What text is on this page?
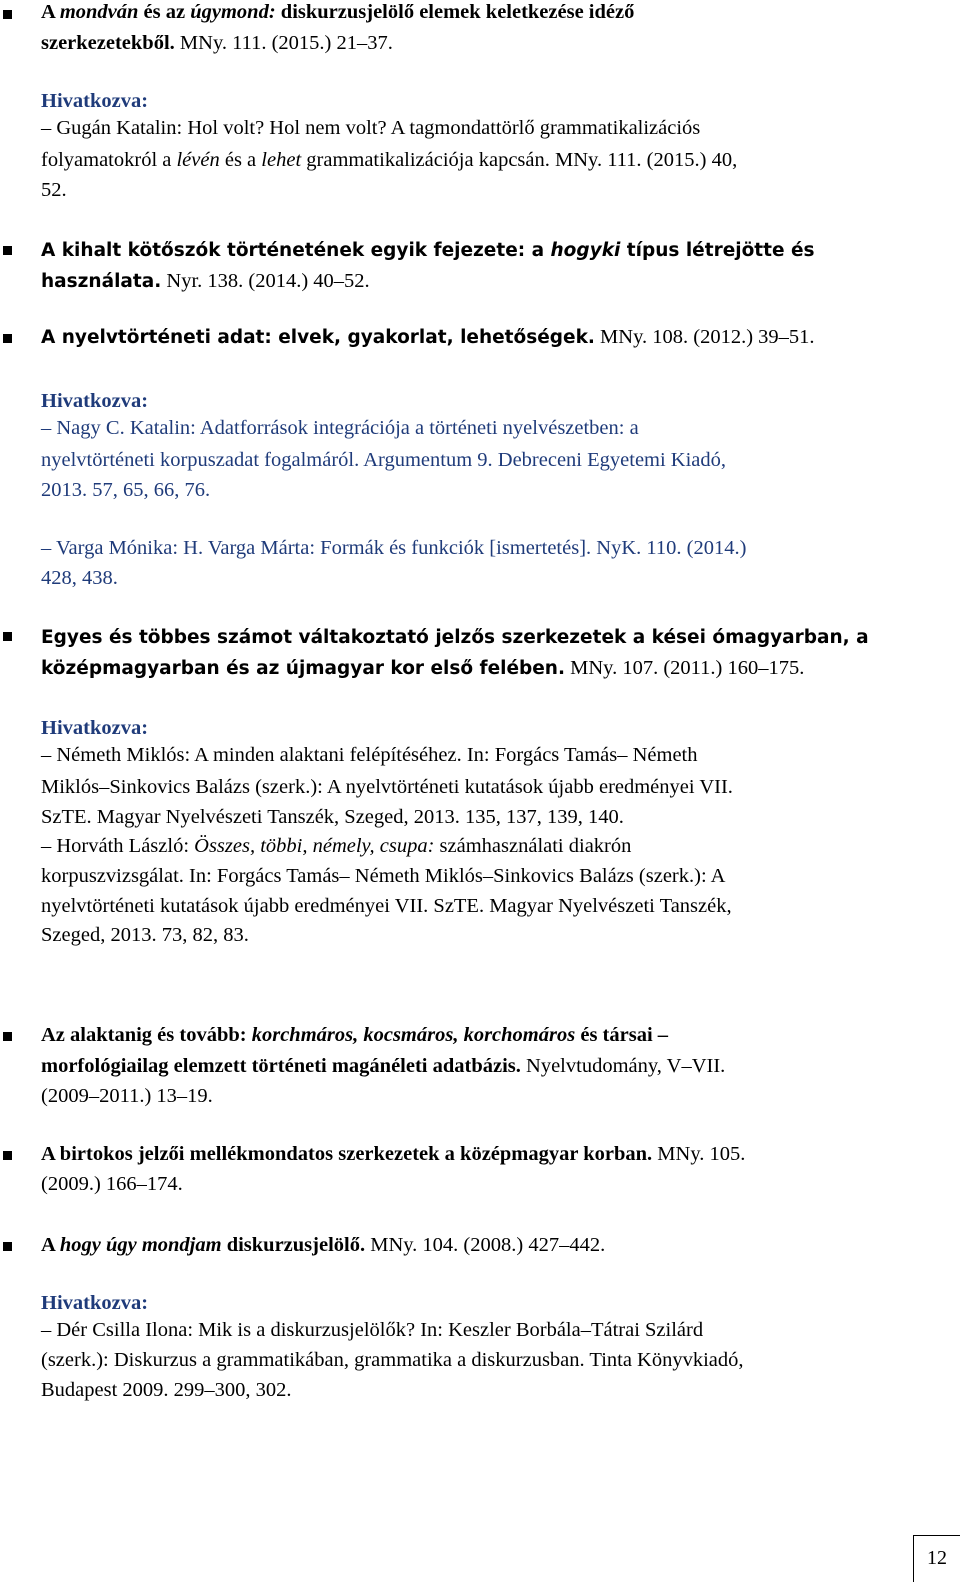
A mondván és az úgymond: diskurzusjelölő elemek keletkezése idéző
szerkezetekből. MNy. 111. (2015.) 21–37.
Hivatkozva:
– Gugán Katalin: Hol volt? Hol nem volt? A tagmondattörlő grammatikalizációs
folyamatokról a lévén és a lehet grammatikalizációja kapcsán. MNy. 111. (2015.) 40,
52.
A kihalt kötőszók történetének egyik fejezete: a hogyki típus létrejötte és
használata. Nyr. 138. (2014.) 40–52.
A nyelvtörténeti adat: elvek, gyakorlat, lehetőségek. MNy. 108. (2012.) 39–51.
Hivatkozva:
– Nagy C. Katalin: Adatforrások integrációja a történeti nyelvészetben: a
nyelvtörténeti korpuszadat fogalmáról. Argumentum 9. Debreceni Egyetemi Kiadó,
2013. 57, 65, 66, 76.
– Varga Mónika: H. Varga Márta: Formák és funkciók [ismertetés]. NyK. 110. (2014.)
428, 438.
Egyes és többes számot váltakoztató jelzős szerkezetek a kései ómagyarban, a
középmagyarban és az újmagyar kor első felében. MNy. 107. (2011.) 160–175.
Hivatkozva:
– Németh Miklós: A minden alaktani felépítéséhez. In: Forgács Tamás– Németh
Miklós–Sinkovics Balázs (szerk.): A nyelvtörténeti kutatások újabb eredményei VII.
SzTE. Magyar Nyelvészeti Tanszék, Szeged, 2013. 135, 137, 139, 140.
– Horváth László: Összes, többi, némely, csupa: számhasználati diakrón
korpuszvizsgálat. In: Forgács Tamás– Németh Miklós–Sinkovics Balázs (szerk.): A
nyelvtörténeti kutatások újabb eredményei VII. SzTE. Magyar Nyelvészeti Tanszék,
Szeged, 2013. 73, 82, 83.
Az alaktanig és tovább: korchmáros, kocsmáros, korchomáros és társai –
morfológiailag elemzett történeti magánéleti adatbázis. Nyelvtudomány, V–VII.
(2009–2011.) 13–19.
A birtokos jelzői mellékmondatos szerkezetek a középmagyar korban. MNy. 105.
(2009.) 166–174.
A hogy úgy mondjam diskurzusjelölő. MNy. 104. (2008.) 427–442.
Hivatkozva:
– Dér Csilla Ilona: Mik is a diskurzusjelölők? In: Keszler Borbála–Tátrai Szilárd
(szerk.): Diskurzus a grammatikában, grammatika a diskurzusban. Tinta Könyvkiadó,
Budapest 2009. 299–300, 302.
12
